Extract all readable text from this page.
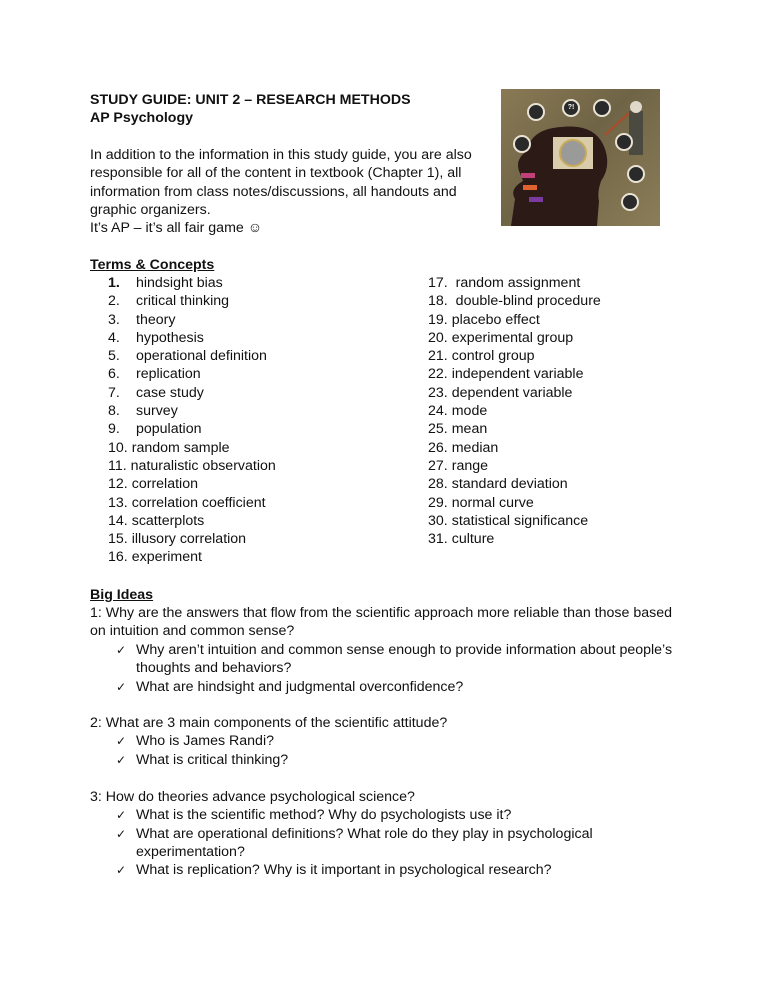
STUDY GUIDE: UNIT 2 – RESEARCH METHODS
AP Psychology
In addition to the information in this study guide, you are also
responsible for all of the content in textbook (Chapter 1), all
information from class notes/discussions, all handouts and
graphic organizers.
It’s AP – it’s all fair game ☺
?!
Terms & Concepts
1.	hindsight bias
2.	critical thinking
3.	theory
4.	hypothesis
5.	operational definition
6.	replication
7.	case study
8.	survey
9.	population
10. random sample
11. naturalistic observation
12. correlation
13. correlation coefficient
14. scatterplots
15. illusory correlation
16. experiment
17. random assignment
18. double-blind procedure
19. placebo effect
20. experimental group
21. control group
22. independent variable
23. dependent variable
24. mode
25. mean
26. median
27. range
28. standard deviation
29. normal curve
30. statistical significance
31. culture
Big Ideas
1: Why are the answers that flow from the scientific approach more reliable than those based
on intuition and common sense?
✓ Why aren’t intuition and common sense enough to provide information about people’s
thoughts and behaviors?
✓ What are hindsight and judgmental overconfidence?
2: What are 3 main components of the scientific attitude?
✓ Who is James Randi?
✓ What is critical thinking?
3: How do theories advance psychological science?
✓ What is the scientific method? Why do psychologists use it?
✓ What are operational definitions? What role do they play in psychological
experimentation?
✓ What is replication? Why is it important in psychological research?
